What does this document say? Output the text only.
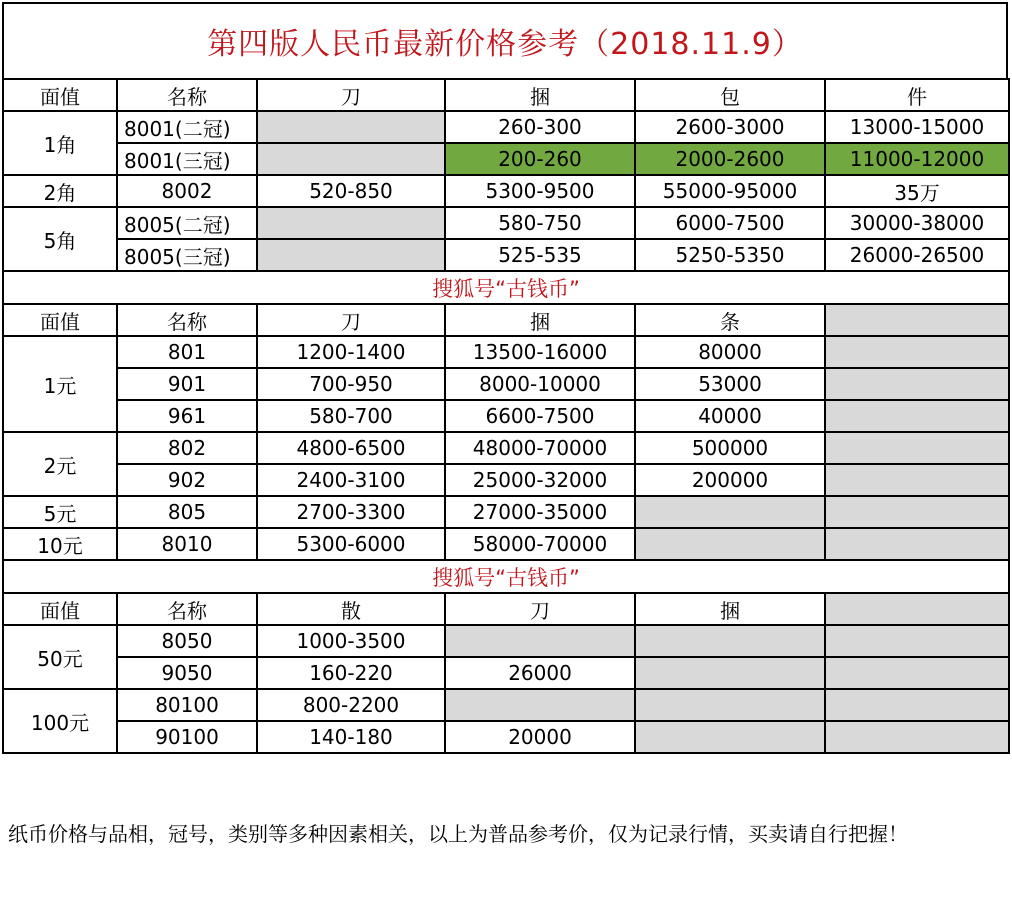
第四版人民币最新价格参考（2018.11.9）
面值	名称	刀	捆	包	件
1角	8001(二冠)		260-300	2600-3000	13000-15000
	8001(三冠)		200-260	2000-2600	11000-12000
2角	8002	520-850	5300-9500	55000-95000	35万
5角	8005(二冠)		580-750	6000-7500	30000-38000
	8005(三冠)		525-535	5250-5350	26000-26500
搜狐号“古钱币”					
面值	名称	刀	捆	条	
1元	801	1200-1400	13500-16000	80000	
	901	700-950	8000-10000	53000	
	961	580-700	6600-7500	40000	
2元	802	4800-6500	48000-70000	500000	
	902	2400-3100	25000-32000	200000	
5元	805	2700-3300	27000-35000		
10元	8010	5300-6000	58000-70000		
搜狐号“古钱币”					
面值	名称	散	刀	捆	
50元	8050	1000-3500			
	9050	160-220	26000		
100元	80100	800-2200			
	90100	140-180	20000		
纸币价格与品相，冠号，类别等多种因素相关，以上为普品参考价，仅为记录行情，买卖请自行把握！
